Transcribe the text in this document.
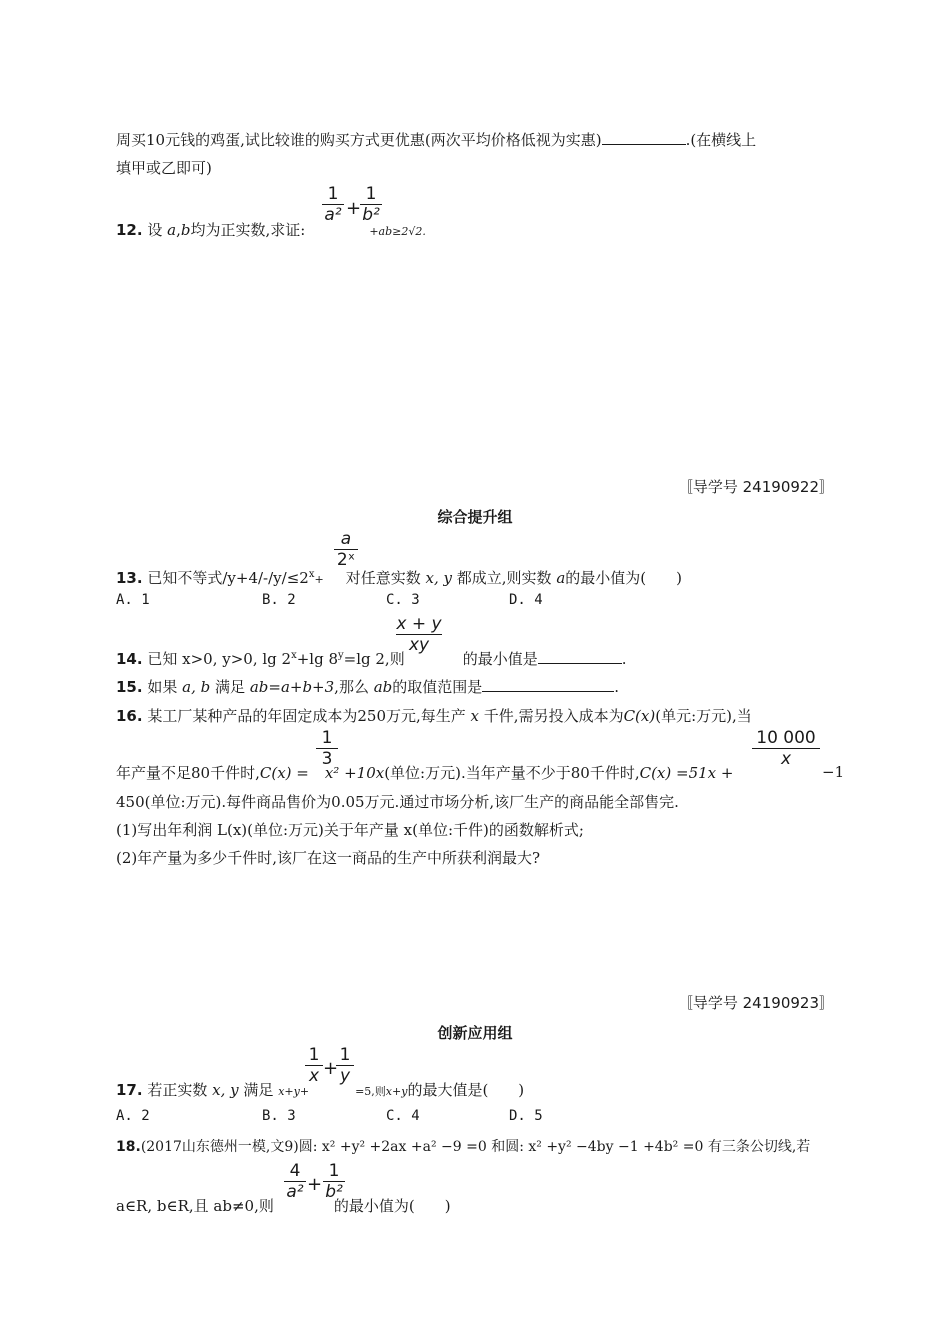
周买10元钱的鸡蛋,试比较谁的购买方式更优惠(两次平均价格低视为实惠)	.(在横线上
填甲或乙即可)
12. 设 a,b均为正实数,求证:	+ab≥2√2.
1
a² +
1
b²
〚导学号 24190922〛
综合提升组
13. 已知不等式$/y+4/-/y/\le 2^x+$ 对任意实数 x, y 都成立,则实数 a的最小值为(　　)
a
2ˣ
A. 1	B. 2	C. 3	D. 4
14. 已知 x>0, y>0, $\lg 2^x+\lg$ $8^y=\lg$ 2,则	的最小值是	.
x + y
xy
15. 如果 a, b 满足 ab=a+b+3,那么 ab的取值范围是	.
16. 某工厂某种产品的年固定成本为250万元,每生产 x 千件,需另投入成本为C(x)(单元:万元),当
年产量不足80千件时,C(x) = x² +10x(单位:万元).当年产量不少于80千件时,C(x) =51x +	−1
1
3
10 000
x
450(单位:万元).每件商品售价为0.05万元.通过市场分析,该厂生产的商品能全部售完.
(1)写出年利润 L(x)(单位:万元)关于年产量 x(单位:千件)的函数解析式;
(2)年产量为多少千件时,该厂在这一商品的生产中所获利润最大?
〚导学号 24190923〛
创新应用组
17. 若正实数 x, y 满足 x+y+	=5,则x+y的最大值是(　　)
1
x +
1
y
A. 2	B. 3	C. 4	D. 5
18.(2017山东德州一模,文9)圆: x² +y² +2ax +a² −9 =0 和圆: x² +y² −4by −1 +4b² =0 有三条公切线,若
a∈R, b∈R,且 ab≠0,则	的最小值为(　　)
4
a² +
1
b²
